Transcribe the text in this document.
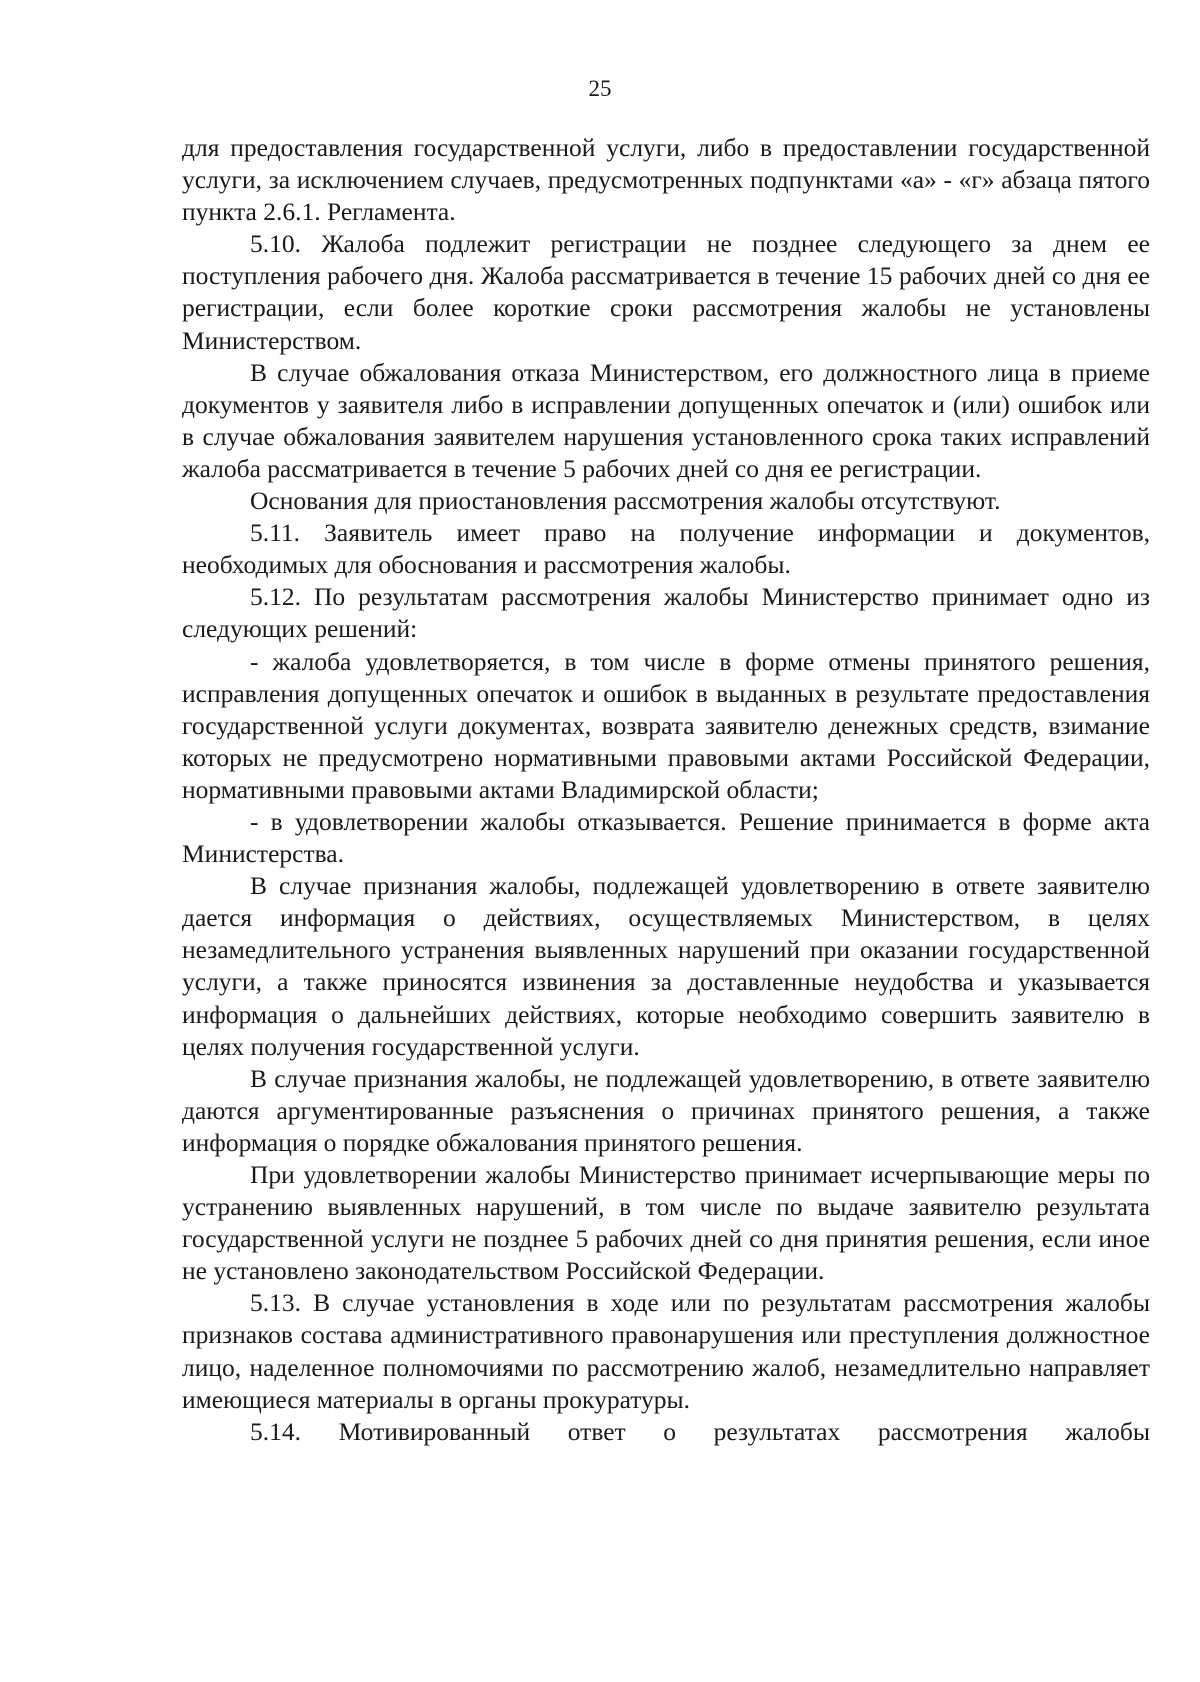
25

для предоставления государственной услуги, либо в предоставлении государственной услуги, за исключением случаев, предусмотренных подпунктами «а» - «г» абзаца пятого пункта 2.6.1. Регламента.

5.10. Жалоба подлежит регистрации не позднее следующего за днем ее поступления рабочего дня. Жалоба рассматривается в течение 15 рабочих дней со дня ее регистрации, если более короткие сроки рассмотрения жалобы не установлены Министерством.

В случае обжалования отказа Министерством, его должностного лица в приеме документов у заявителя либо в исправлении допущенных опечаток и (или) ошибок или в случае обжалования заявителем нарушения установленного срока таких исправлений жалоба рассматривается в течение 5 рабочих дней со дня ее регистрации.

Основания для приостановления рассмотрения жалобы отсутствуют.

5.11. Заявитель имеет право на получение информации и документов, необходимых для обоснования и рассмотрения жалобы.

5.12. По результатам рассмотрения жалобы Министерство принимает одно из следующих решений:

- жалоба удовлетворяется, в том числе в форме отмены принятого решения, исправления допущенных опечаток и ошибок в выданных в результате предоставления государственной услуги документах, возврата заявителю денежных средств, взимание которых не предусмотрено нормативными правовыми актами Российской Федерации, нормативными правовыми актами Владимирской области;

- в удовлетворении жалобы отказывается. Решение принимается в форме акта Министерства.

В случае признания жалобы, подлежащей удовлетворению в ответе заявителю дается информация о действиях, осуществляемых Министерством, в целях незамедлительного устранения выявленных нарушений при оказании государственной услуги, а также приносятся извинения за доставленные неудобства и указывается информация о дальнейших действиях, которые необходимо совершить заявителю в целях получения государственной услуги.

В случае признания жалобы, не подлежащей удовлетворению, в ответе заявителю даются аргументированные разъяснения о причинах принятого решения, а также информация о порядке обжалования принятого решения.

При удовлетворении жалобы Министерство принимает исчерпывающие меры по устранению выявленных нарушений, в том числе по выдаче заявителю результата государственной услуги не позднее 5 рабочих дней со дня принятия решения, если иное не установлено законодательством Российской Федерации.

5.13. В случае установления в ходе или по результатам рассмотрения жалобы признаков состава административного правонарушения или преступления должностное лицо, наделенное полномочиями по рассмотрению жалоб, незамедлительно направляет имеющиеся материалы в органы прокуратуры.

5.14. Мотивированный ответ о результатах рассмотрения жалобы
